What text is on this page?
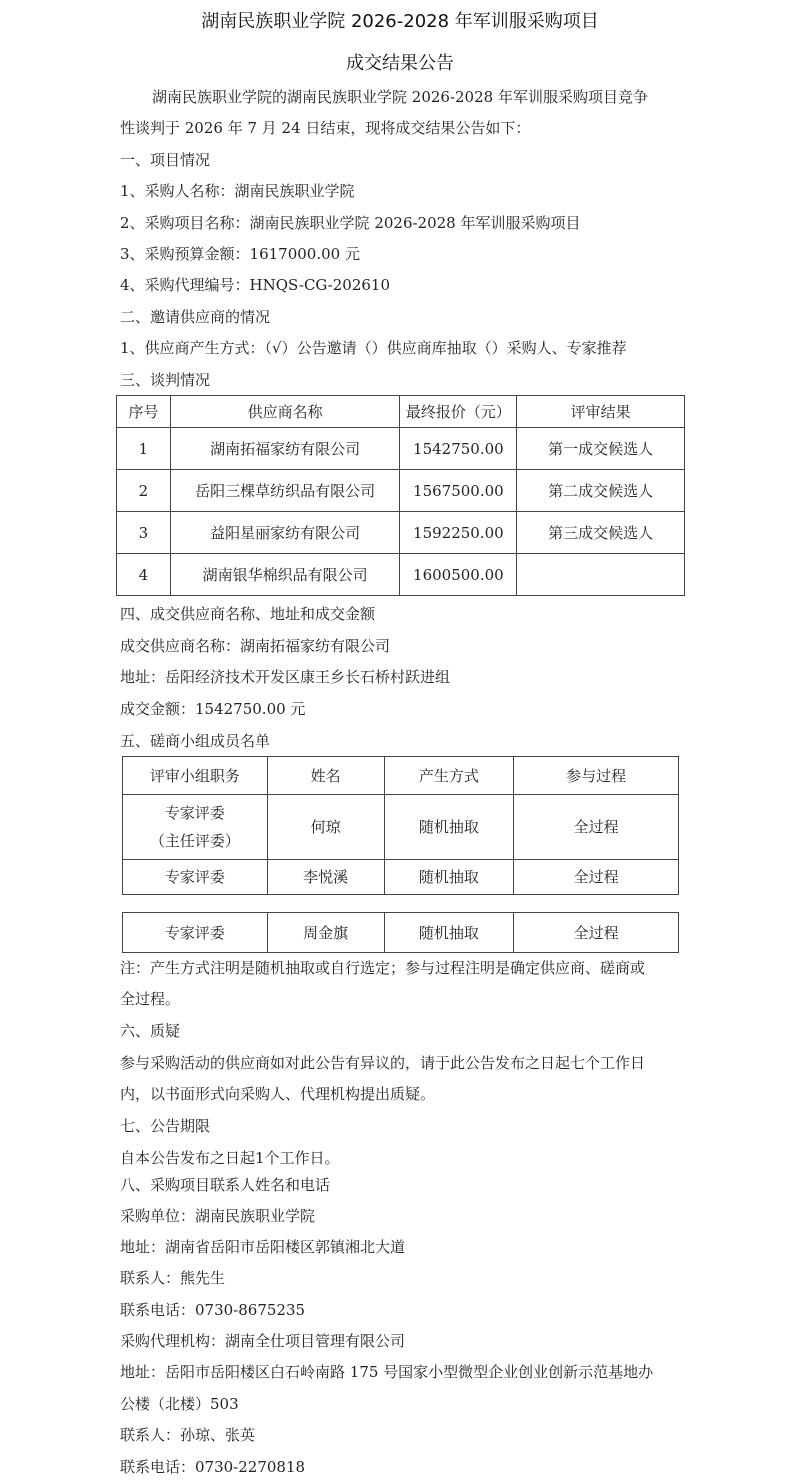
湖南民族职业学院 2026-2028 年军训服采购项目
成交结果公告
湖南民族职业学院的湖南民族职业学院 2026-2028 年军训服采购项目竞争
性谈判于 2026 年 7 月 24 日结束，现将成交结果公告如下：
一、项目情况
1、采购人名称：湖南民族职业学院
2、采购项目名称：湖南民族职业学院 2026-2028 年军训服采购项目
3、采购预算金额：1617000.00 元
4、采购代理编号：HNQS-CG-202610
二、邀请供应商的情况
1、供应商产生方式：（√）公告邀请（）供应商库抽取（）采购人、专家推荐
三、谈判情况
序号	供应商名称	最终报价（元）	评审结果
1	湖南拓福家纺有限公司	1542750.00	第一成交候选人
2	岳阳三棵草纺织品有限公司	1567500.00	第二成交候选人
3	益阳星丽家纺有限公司	1592250.00	第三成交候选人
4	湖南银华棉织品有限公司	1600500.00	
四、成交供应商名称、地址和成交金额
成交供应商名称：湖南拓福家纺有限公司
地址：岳阳经济技术开发区康王乡长石桥村跃进组
成交金额：1542750.00 元
五、磋商小组成员名单
评审小组职务	姓名	产生方式	参与过程

专家评委
（主任评委）	何琼	随机抽取	全过程
专家评委	李悦溪	随机抽取	全过程
专家评委	周金旗	随机抽取	全过程
注：产生方式注明是随机抽取或自行选定；参与过程注明是确定供应商、磋商或
全过程。
六、质疑
参与采购活动的供应商如对此公告有异议的，请于此公告发布之日起七个工作日
内，以书面形式向采购人、代理机构提出质疑。
七、公告期限
自本公告发布之日起1个工作日。
八、采购项目联系人姓名和电话
采购单位：湖南民族职业学院
地址：湖南省岳阳市岳阳楼区郭镇湘北大道
联系人：熊先生
联系电话：0730-8675235
采购代理机构：湖南全仕项目管理有限公司
地址：岳阳市岳阳楼区白石岭南路 175 号国家小型微型企业创业创新示范基地办
公楼（北楼）503
联系人：孙琼、张英
联系电话：0730-2270818
